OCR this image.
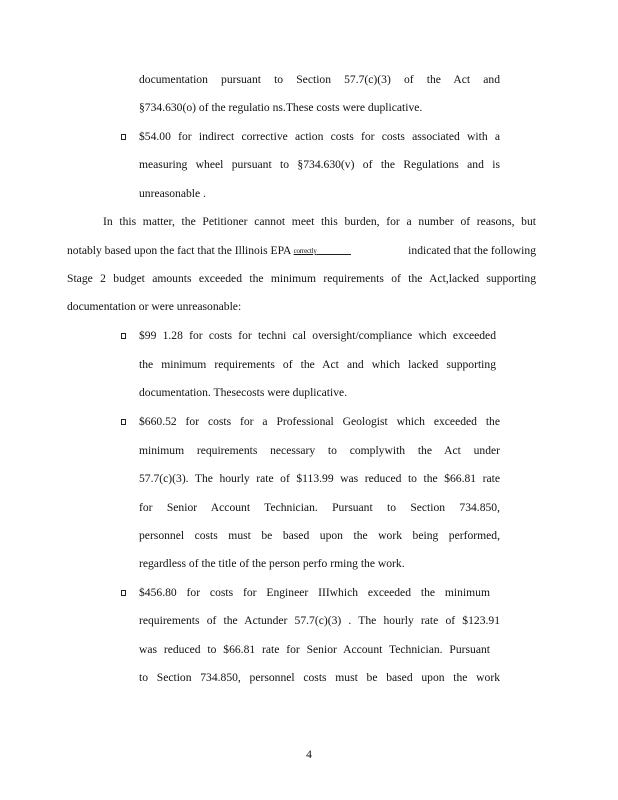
documentation pursuant to Section 57.7(c)(3) of the Act and
§734.630(o) of the regulatio ns.These costs were duplicative.
$54.00 for indirect corrective action costs for costs associated with a
measuring wheel pursuant to §734.630(v) of the Regulations and is
unreasonable .
In this matter, the Petitioner cannot meet this burden, for a number of reasons, but
notably based upon the fact that the Illinois EPA correctly	indicated that the following
Stage 2 budget amounts exceeded the minimum requirements of the Act,lacked supporting
documentation or were unreasonable:
$99 1.28 for costs for techni cal oversight/compliance which exceeded
the minimum requirements of the Act and which lacked supporting
documentation. Thesecosts were duplicative.
$660.52 for costs for a Professional Geologist which exceeded the
minimum requirements necessary to complywith the Act under
57.7(c)(3). The hourly rate of $113.99 was reduced to the $66.81 rate
for Senior Account Technician. Pursuant to Section 734.850,
personnel costs must be based upon the work being performed,
regardless of the title of the person perfo rming the work.
$456.80 for costs for Engineer IIIwhich exceeded the minimum
requirements of the Actunder 57.7(c)(3) . The hourly rate of $123.91
was reduced to $66.81 rate for Senior Account Technician. Pursuant
to Section 734.850, personnel costs must be based upon the work
4
